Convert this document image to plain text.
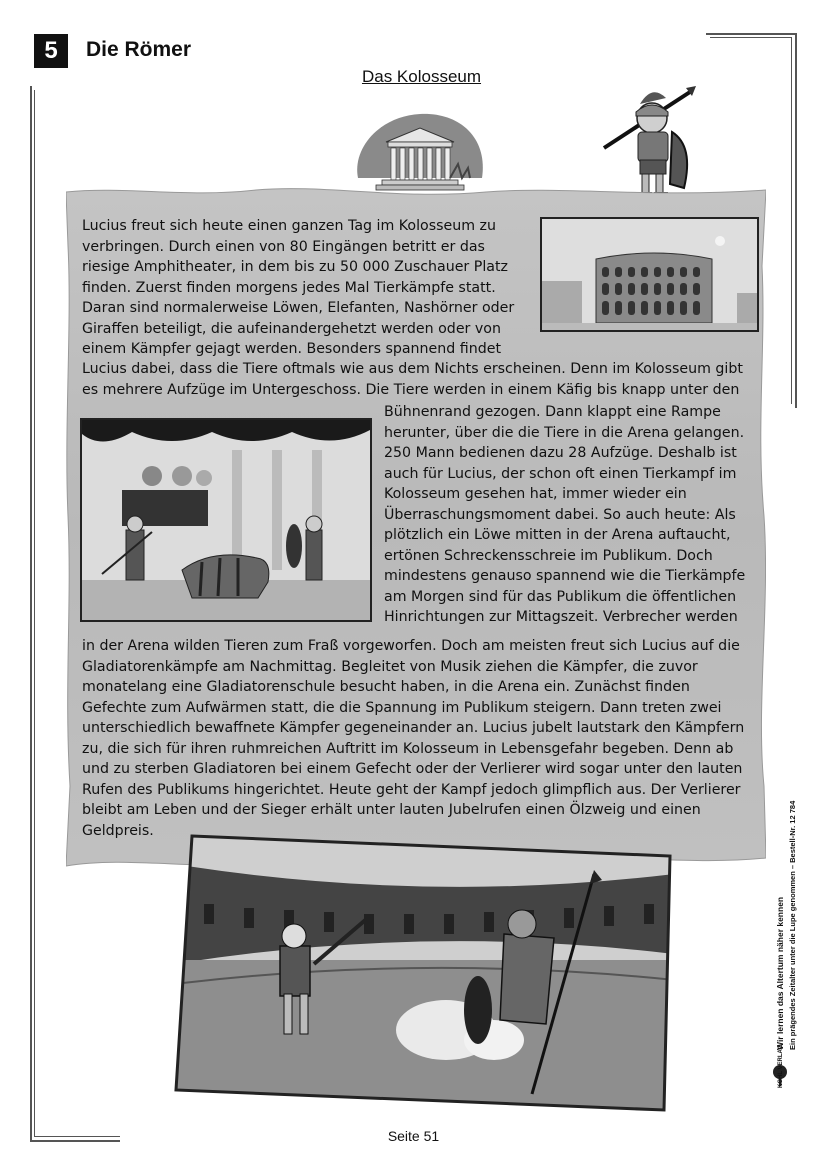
5	Die Römer
Das Kolosseum

Lucius freut sich heute einen ganzen Tag im Kolosseum zu verbringen. Durch einen von 80 Eingängen betritt er das riesige Amphitheater, in dem bis zu 50 000 Zuschauer Platz finden. Zuerst finden morgens jedes Mal Tierkämpfe statt. Daran sind normalerweise Löwen, Elefanten, Nashörner oder Giraffen beteiligt, die aufeinandergehetzt werden oder von einem Kämpfer gejagt werden. Besonders spannend findet

Lucius dabei, dass die Tiere oftmals wie aus dem Nichts erscheinen. Denn im Kolosseum gibt es mehrere Aufzüge im Untergeschoss. Die Tiere werden in einem Käfig bis knapp unter den

Bühnenrand gezogen. Dann klappt eine Rampe herunter, über die die Tiere in die Arena gelangen. 250 Mann bedienen dazu 28 Aufzüge. Deshalb ist auch für Lucius, der schon oft einen Tierkampf im Kolosseum gesehen hat, immer wieder ein Überraschungsmoment dabei. So auch heute: Als plötzlich ein Löwe mitten in der Arena auftaucht, ertönen Schreckensschreie im Publikum. Doch mindestens genauso spannend wie die Tierkämpfe am Morgen sind für das Publikum die öffentlichen Hinrichtungen zur Mittagszeit. Verbrecher werden

in der Arena wilden Tieren zum Fraß vorgeworfen. Doch am meisten freut sich Lucius auf die Gladiatorenkämpfe am Nachmittag. Begleitet von Musik ziehen die Kämpfer, die zuvor monatelang eine Gladiatorenschule besucht haben, in die Arena ein. Zunächst finden Gefechte zum Aufwärmen statt, die die Spannung im Publikum steigern. Dann treten zwei unterschiedlich bewaffnete Kämpfer gegeneinander an. Lucius jubelt lautstark den Kämpfern zu, die sich für ihren ruhmreichen Auftritt im Kolosseum in Lebensgefahr begeben. Denn ab und zu sterben Gladiatoren bei einem Gefecht oder der Verlierer wird sogar unter den lauten Rufen des Publikums hingerichtet. Heute geht der Kampf jedoch glimpflich aus. Der Verlierer bleibt am Leben und der Sieger erhält unter lauten Jubelrufen einen Ölzweig und einen Geldpreis.

Wir lernen das Altertum näher kennen Ein prägendes Zeitalter unter die Lupe genommen – Bestell-Nr. 12 784
KOHL VERLAG
Seite 51
